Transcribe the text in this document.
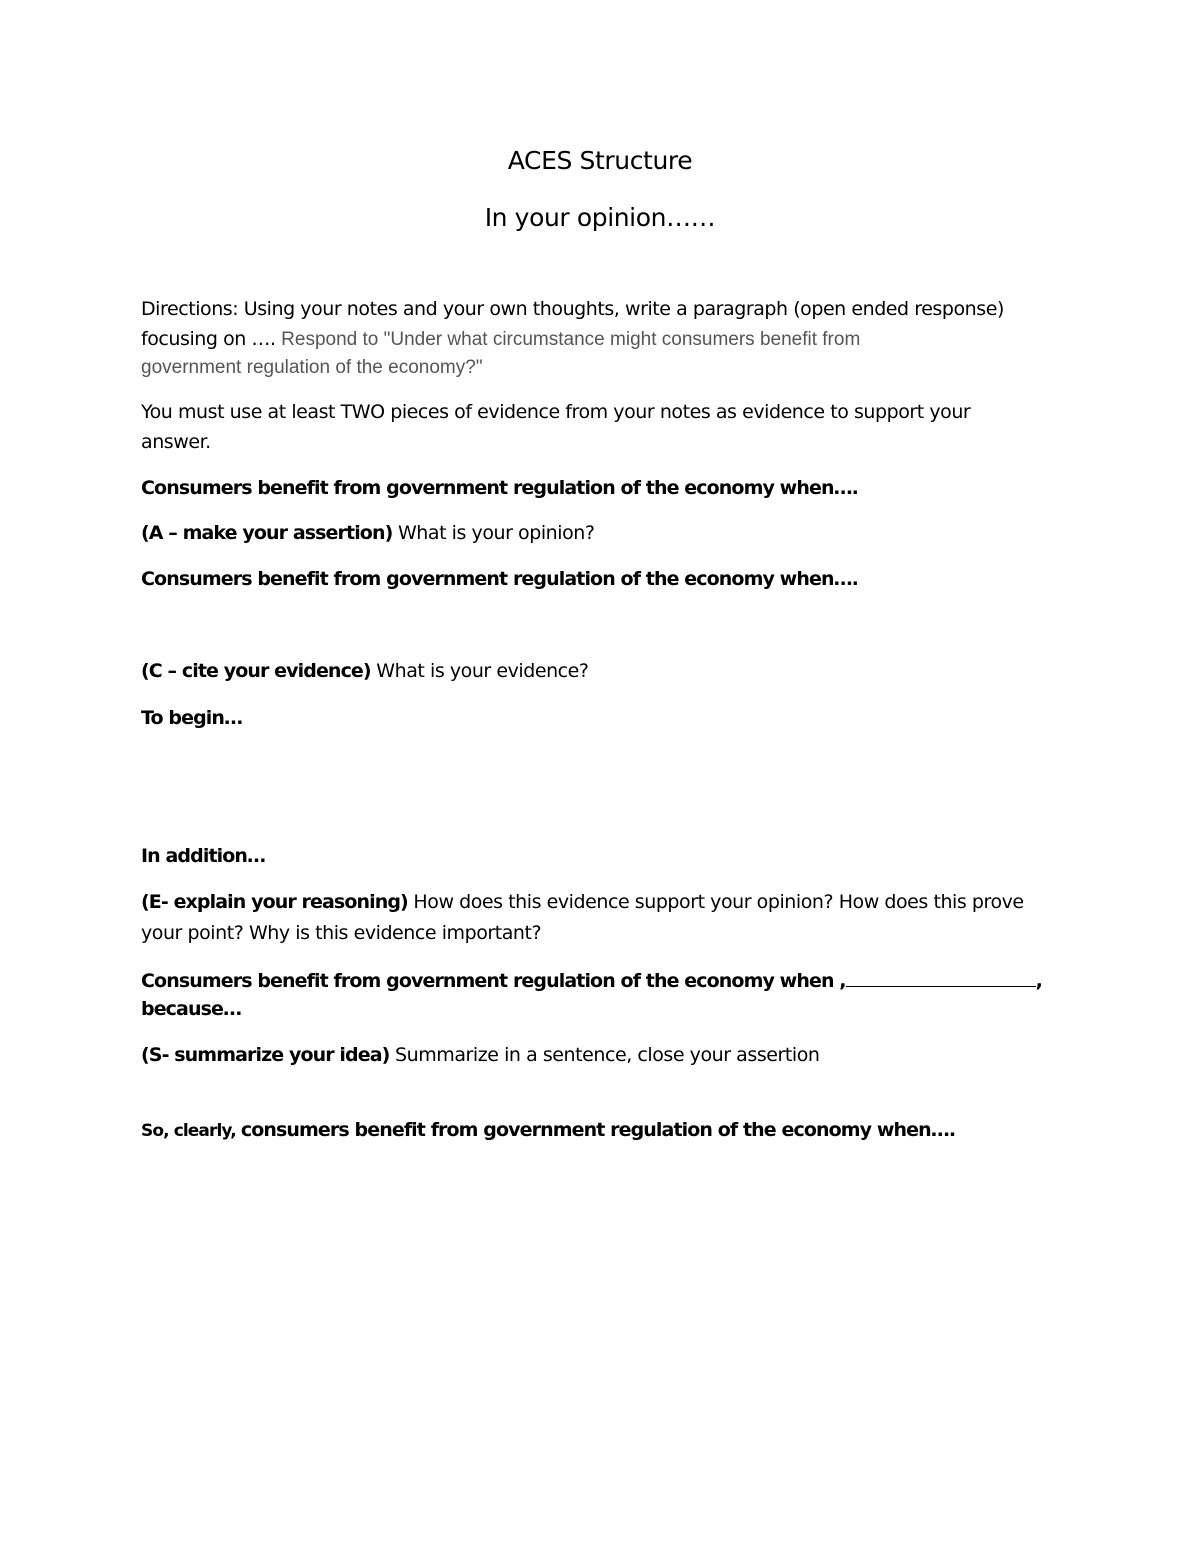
ACES Structure
In your opinion……
Directions: Using your notes and your own thoughts, write a paragraph (open ended response)
focusing on …. Respond to "Under what circumstance might consumers benefit from
government regulation of the economy?"
You must use at least TWO pieces of evidence from your notes as evidence to support your
answer.
Consumers benefit from government regulation of the economy when….
(A – make your assertion) What is your opinion?
Consumers benefit from government regulation of the economy when….
(C – cite your evidence) What is your evidence?
To begin…
In addition…
(E- explain your reasoning) How does this evidence support your opinion? How does this prove
your point? Why is this evidence important?
Consumers benefit from government regulation of the economy when ,	,
because…
(S- summarize your idea) Summarize in a sentence, close your assertion
So, clearly, consumers benefit from government regulation of the economy when….
